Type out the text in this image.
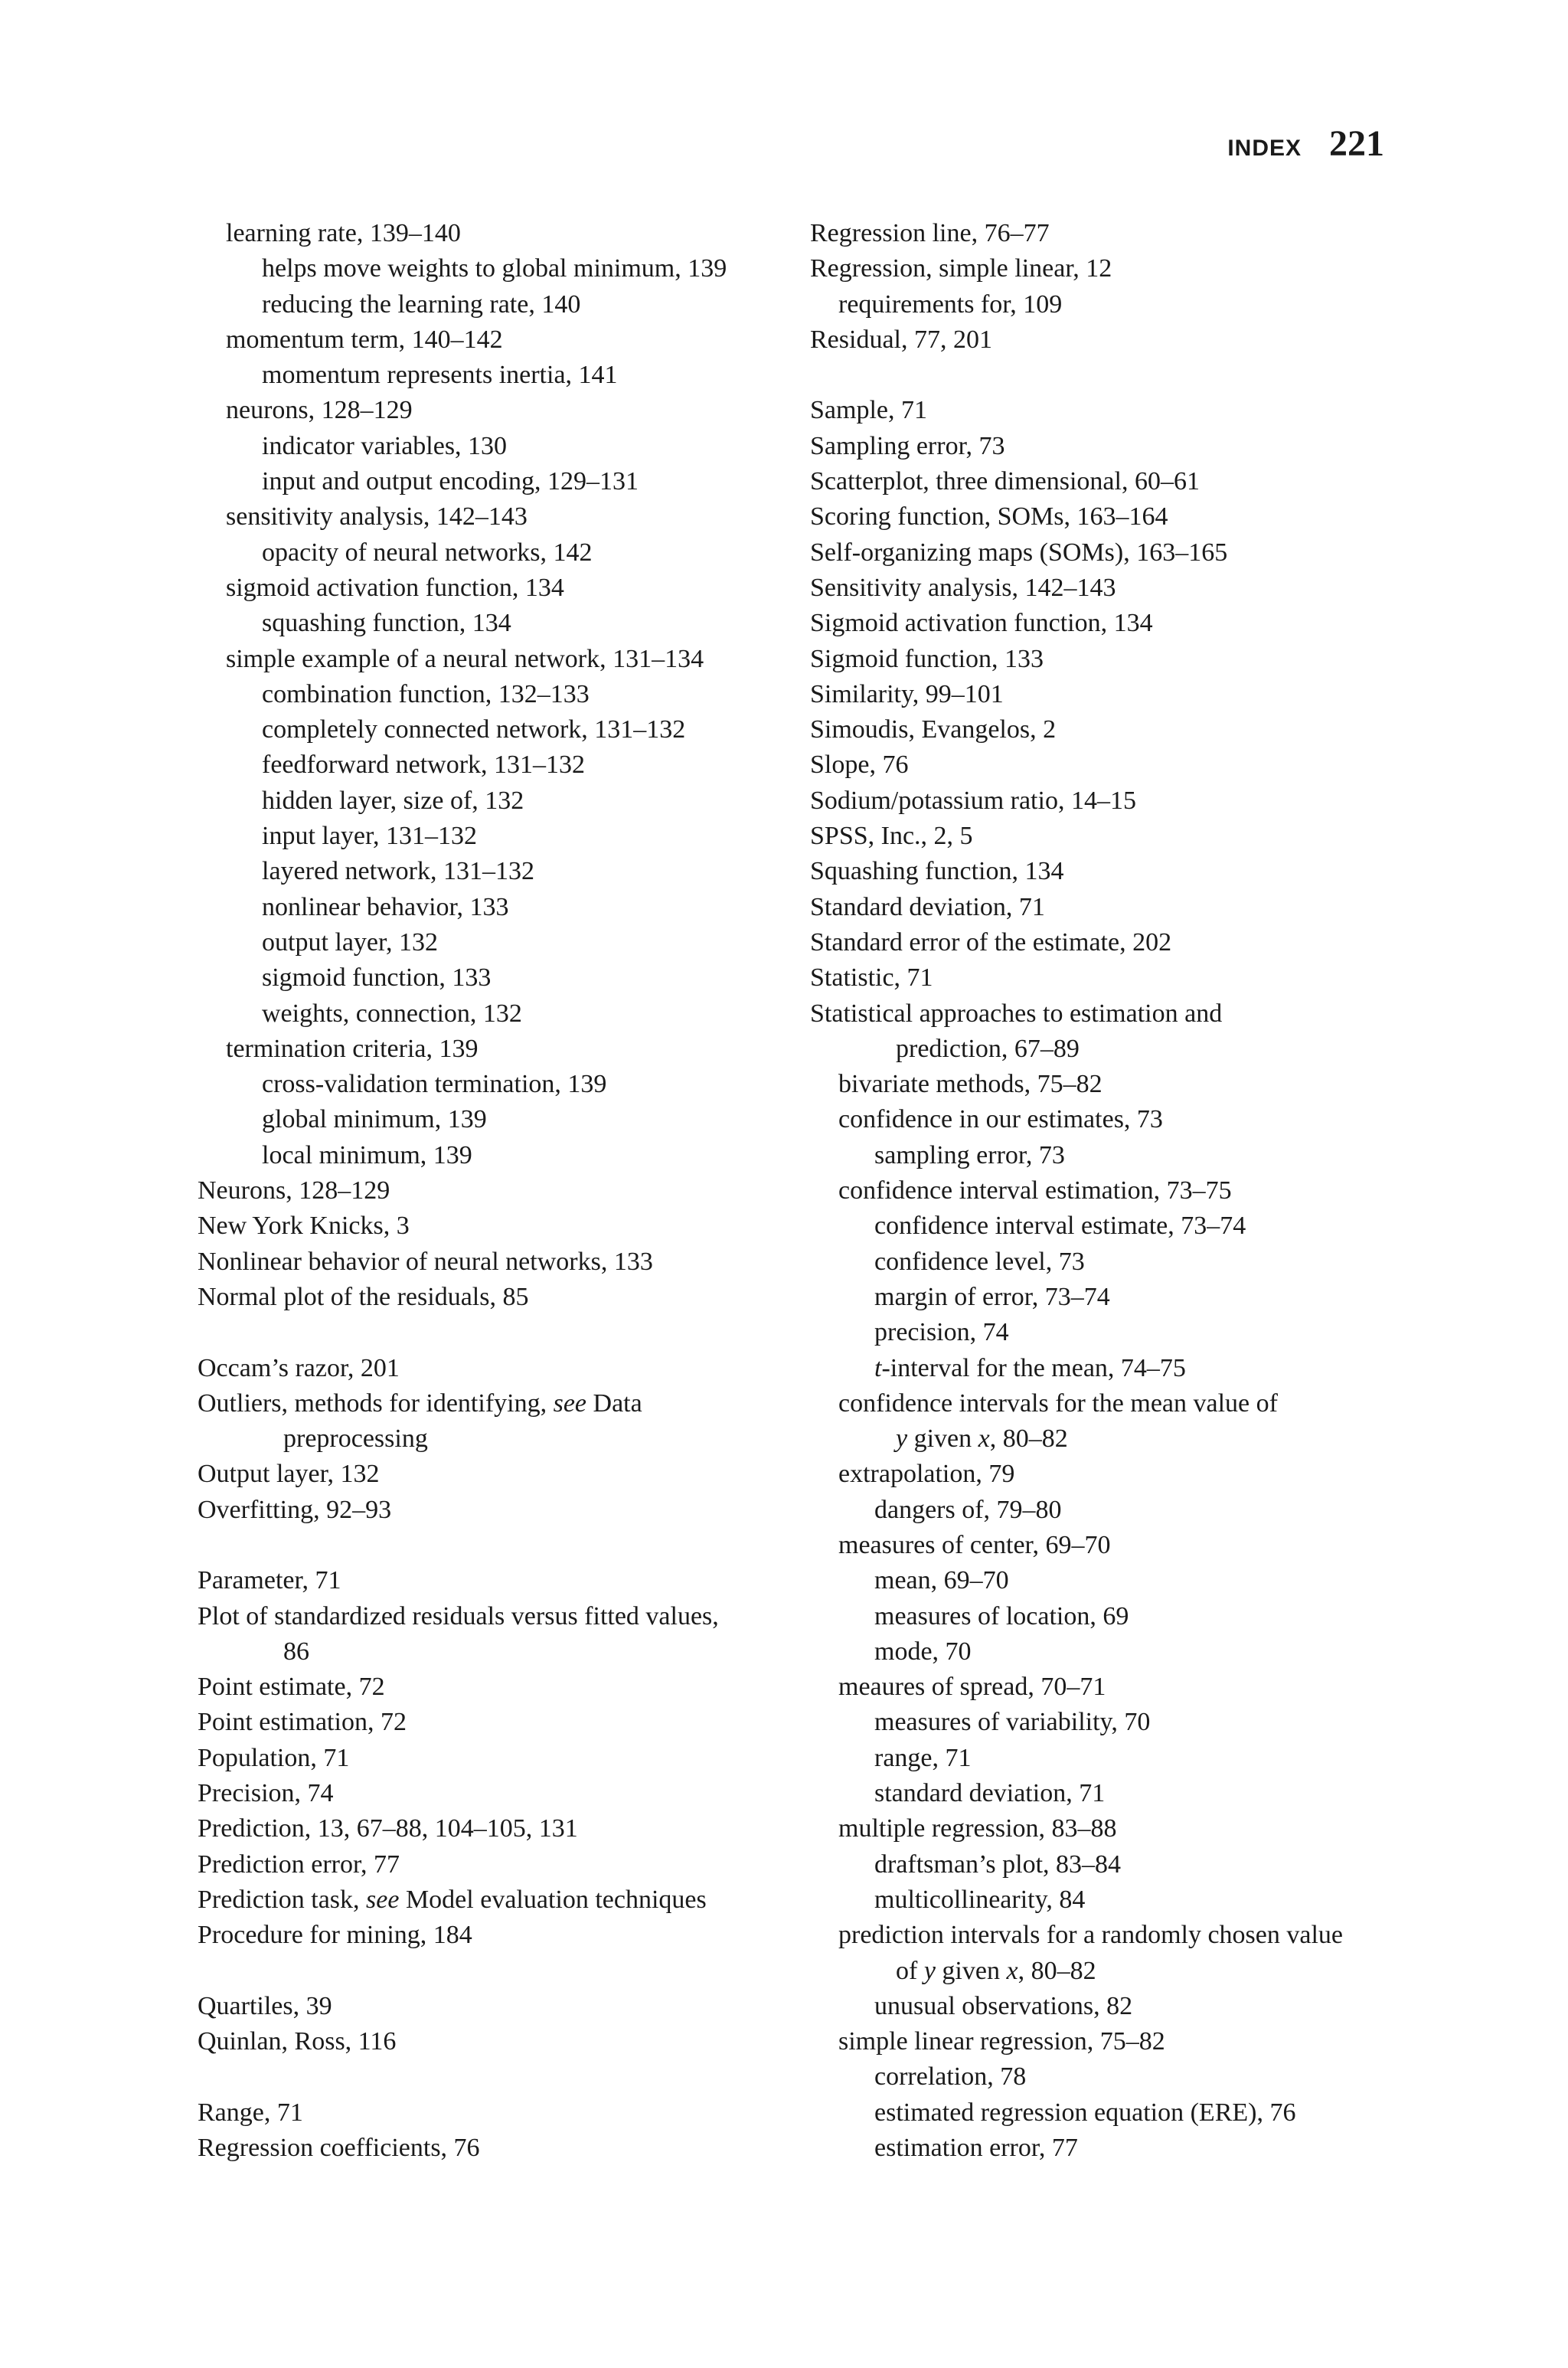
INDEX 221
learning rate, 139–140
helps move weights to global minimum, 139
reducing the learning rate, 140
momentum term, 140–142
momentum represents inertia, 141
neurons, 128–129
indicator variables, 130
input and output encoding, 129–131
sensitivity analysis, 142–143
opacity of neural networks, 142
sigmoid activation function, 134
squashing function, 134
simple example of a neural network, 131–134
combination function, 132–133
completely connected network, 131–132
feedforward network, 131–132
hidden layer, size of, 132
input layer, 131–132
layered network, 131–132
nonlinear behavior, 133
output layer, 132
sigmoid function, 133
weights, connection, 132
termination criteria, 139
cross-validation termination, 139
global minimum, 139
local minimum, 139
Neurons, 128–129
New York Knicks, 3
Nonlinear behavior of neural networks, 133
Normal plot of the residuals, 85
Occam’s razor, 201
Outliers, methods for identifying, see Data
preprocessing
Output layer, 132
Overfitting, 92–93
Parameter, 71
Plot of standardized residuals versus fitted values,
86
Point estimate, 72
Point estimation, 72
Population, 71
Precision, 74
Prediction, 13, 67–88, 104–105, 131
Prediction error, 77
Prediction task, see Model evaluation techniques
Procedure for mining, 184
Quartiles, 39
Quinlan, Ross, 116
Range, 71
Regression coefficients, 76
Regression line, 76–77
Regression, simple linear, 12
requirements for, 109
Residual, 77, 201
Sample, 71
Sampling error, 73
Scatterplot, three dimensional, 60–61
Scoring function, SOMs, 163–164
Self-organizing maps (SOMs), 163–165
Sensitivity analysis, 142–143
Sigmoid activation function, 134
Sigmoid function, 133
Similarity, 99–101
Simoudis, Evangelos, 2
Slope, 76
Sodium/potassium ratio, 14–15
SPSS, Inc., 2, 5
Squashing function, 134
Standard deviation, 71
Standard error of the estimate, 202
Statistic, 71
Statistical approaches to estimation and
prediction, 67–89
bivariate methods, 75–82
confidence in our estimates, 73
sampling error, 73
confidence interval estimation, 73–75
confidence interval estimate, 73–74
confidence level, 73
margin of error, 73–74
precision, 74
t-interval for the mean, 74–75
confidence intervals for the mean value of
y given x, 80–82
extrapolation, 79
dangers of, 79–80
measures of center, 69–70
mean, 69–70
measures of location, 69
mode, 70
meaures of spread, 70–71
measures of variability, 70
range, 71
standard deviation, 71
multiple regression, 83–88
draftsman’s plot, 83–84
multicollinearity, 84
prediction intervals for a randomly chosen value
of y given x, 80–82
unusual observations, 82
simple linear regression, 75–82
correlation, 78
estimated regression equation (ERE), 76
estimation error, 77
